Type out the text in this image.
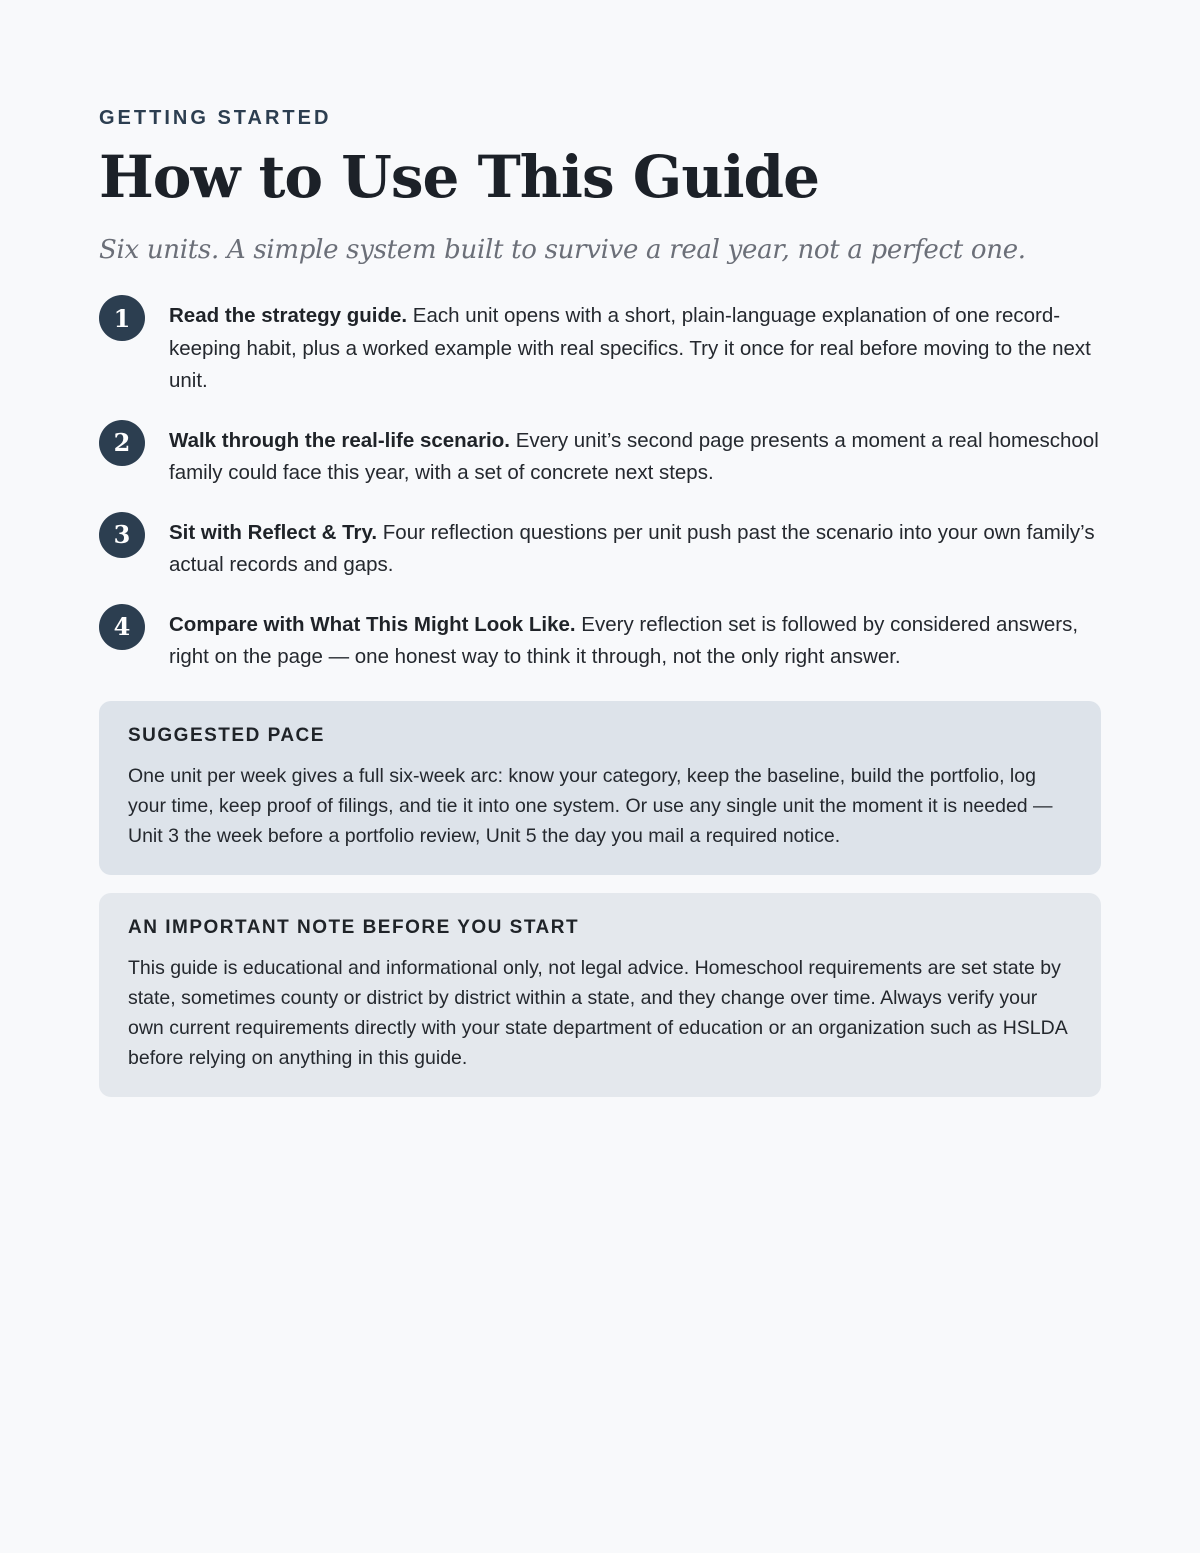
GETTING STARTED

How to Use This Guide

Six units. A simple system built to survive a real year, not a perfect one.

1	Read the strategy guide. Each unit opens with a short, plain-language explanation of one record-keeping habit, plus a worked example with real specifics. Try it once for real before moving to the next unit.
2	Walk through the real-life scenario. Every unit’s second page presents a moment a real homeschool family could face this year, with a set of concrete next steps.
3	Sit with Reflect & Try. Four reflection questions per unit push past the scenario into your own family’s actual records and gaps.
4	Compare with What This Might Look Like. Every reflection set is followed by considered answers, right on the page — one honest way to think it through, not the only right answer.
SUGGESTED PACE

One unit per week gives a full six-week arc: know your category, keep the baseline, build the portfolio, log your time, keep proof of filings, and tie it into one system. Or use any single unit the moment it is needed — Unit 3 the week before a portfolio review, Unit 5 the day you mail a required notice.

AN IMPORTANT NOTE BEFORE YOU START

This guide is educational and informational only, not legal advice. Homeschool requirements are set state by state, sometimes county or district by district within a state, and they change over time. Always verify your own current requirements directly with your state department of education or an organization such as HSLDA before relying on anything in this guide.
